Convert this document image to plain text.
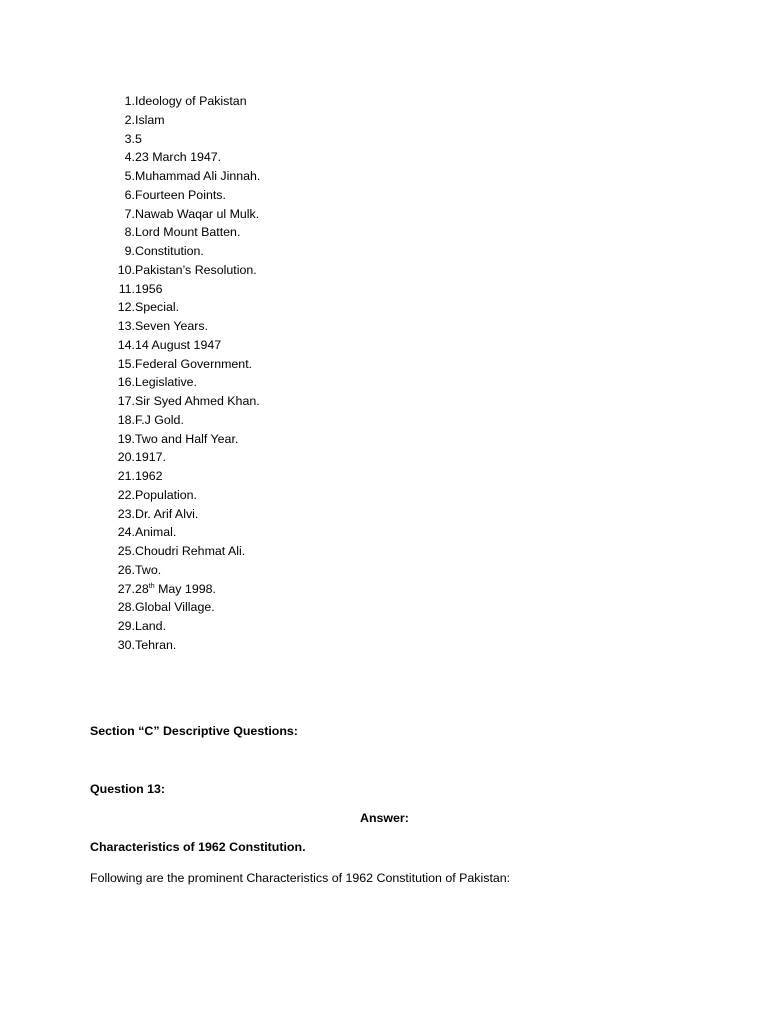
1. Ideology of Pakistan
2. Islam
3. 5
4. 23 March 1947.
5. Muhammad Ali Jinnah.
6. Fourteen Points.
7. Nawab Waqar ul Mulk.
8. Lord Mount Batten.
9. Constitution.
10. Pakistan’s Resolution.
11. 1956
12. Special.
13. Seven Years.
14. 14 August 1947
15. Federal Government.
16. Legislative.
17. Sir Syed Ahmed Khan.
18. F.J Gold.
19. Two and Half Year.
20. 1917.
21. 1962
22. Population.
23. Dr. Arif Alvi.
24. Animal.
25. Choudri Rehmat Ali.
26. Two.
27. 28th May 1998.
28. Global Village.
29. Land.
30. Tehran.
Section “C” Descriptive Questions:
Question 13:
Answer:
Characteristics of 1962 Constitution.
Following are the prominent Characteristics of 1962 Constitution of Pakistan:
